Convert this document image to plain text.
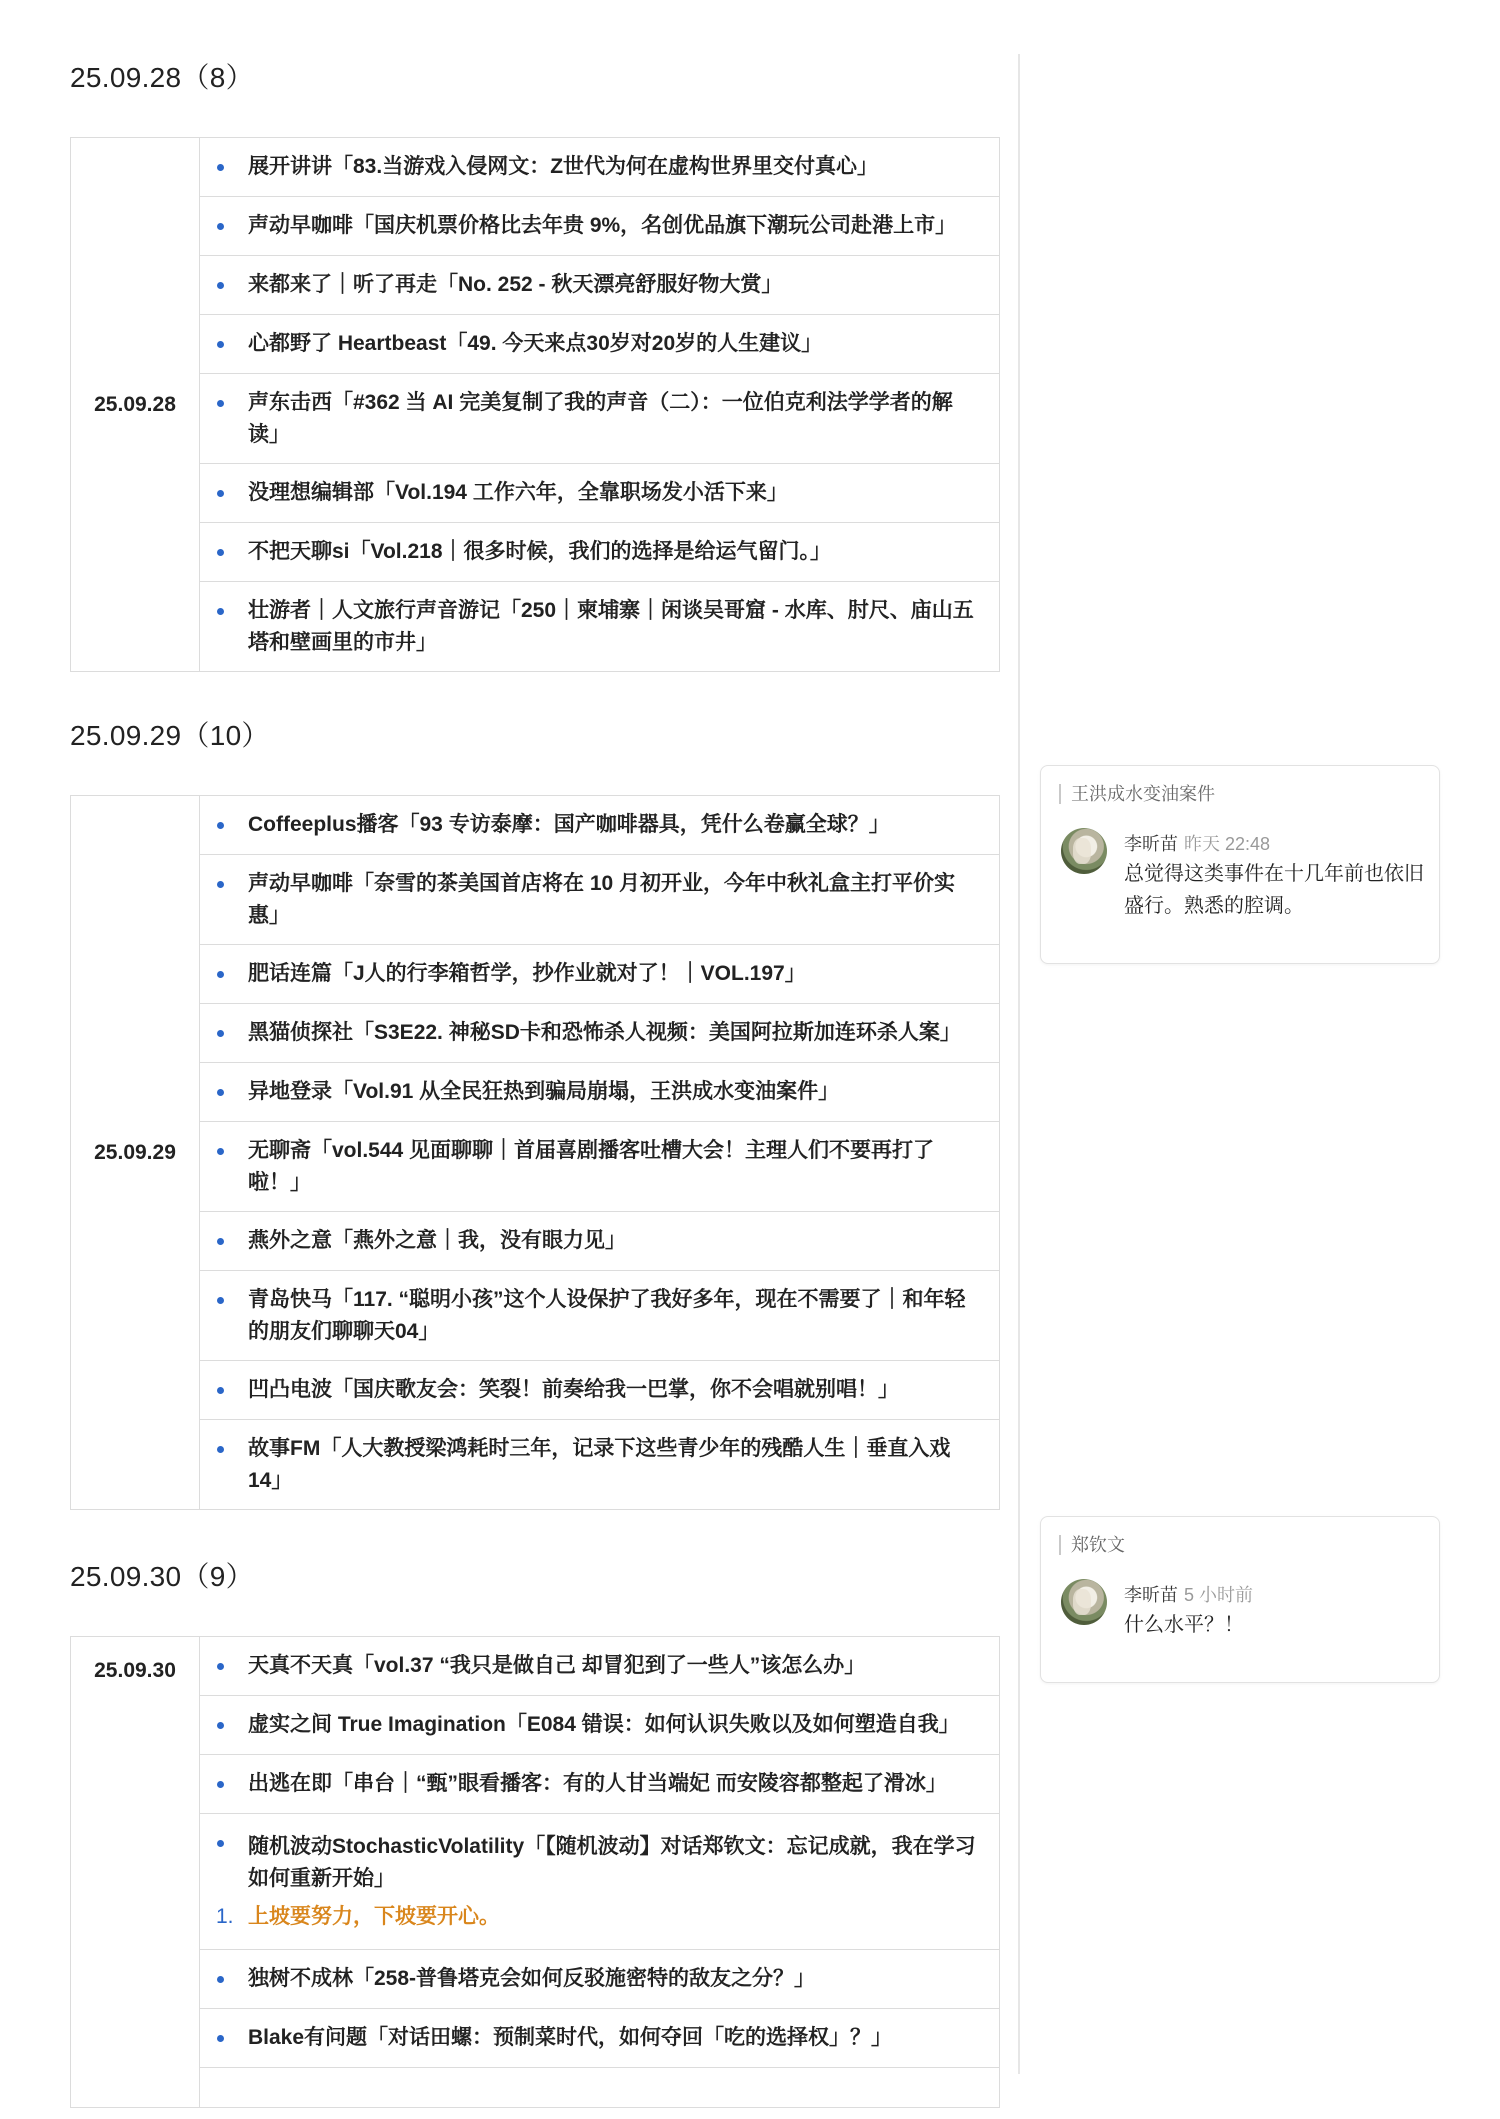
25.09.28（8）
25.09.28	
展开讲讲「83.当游戏入侵网文：Z世代为何在虚构世界里交付真心」

声动早咖啡「国庆机票价格比去年贵 9%，名创优品旗下潮玩公司赴港上市」

来都来了｜听了再走「No. 252 - 秋天漂亮舒服好物大赏」

心都野了 Heartbeast「49. 今天来点30岁对20岁的人生建议」

声东击西「#362 当 AI 完美复制了我的声音（二）：一位伯克利法学学者的解读」

没理想编辑部「Vol.194 工作六年，全靠职场发小活下来」

不把天聊si「Vol.218｜很多时候，我们的选择是给运气留门。」

壮游者｜人文旅行声音游记「250｜柬埔寨｜闲谈吴哥窟 - 水库、肘尺、庙山五塔和壁画里的市井」
25.09.29（10）
25.09.29	
Coffeeplus播客「93 专访泰摩：国产咖啡器具，凭什么卷赢全球？」

声动早咖啡「奈雪的茶美国首店将在 10 月初开业，今年中秋礼盒主打平价实惠」

肥话连篇「J人的行李箱哲学，抄作业就对了！｜VOL.197」

黑猫侦探社「S3E22. 神秘SD卡和恐怖杀人视频：美国阿拉斯加连环杀人案」

异地登录「Vol.91 从全民狂热到骗局崩塌，王洪成水变油案件」

无聊斋「vol.544 见面聊聊｜首届喜剧播客吐槽大会！主理人们不要再打了啦！」

燕外之意「燕外之意｜我，没有眼力见」

青岛快马「117. “聪明小孩”这个人设保护了我好多年，现在不需要了｜和年轻的朋友们聊聊天04」

凹凸电波「国庆歌友会：笑裂！前奏给我一巴掌，你不会唱就别唱！」

故事FM「人大教授梁鸿耗时三年，记录下这些青少年的残酷人生｜垂直入戏 14」
25.09.30（9）
25.09.30	天真不天真「vol.37 “我只是做自己 却冒犯到了一些人”该怎么办」

虚实之间 True Imagination「E084 错误：如何认识失败以及如何塑造自我」

出逃在即「串台｜“甄”眼看播客：有的人甘当端妃 而安陵容都整起了滑冰」

随机波动StochasticVolatility「【随机波动】对话郑钦文：忘记成就，我在学习如何重新开始」
1. 上坡要努力，下坡要开心。

独树不成林「258-普鲁塔克会如何反驳施密特的敌友之分？」

Blake有问题「对话田螺：预制菜时代，如何夺回「吃的选择权」？」

王洪成水变油案件
李昕苗 昨天 22:48
总觉得这类事件在十几年前也依旧盛行。熟悉的腔调。
郑钦文
李昕苗 5 小时前
什么水平？！
